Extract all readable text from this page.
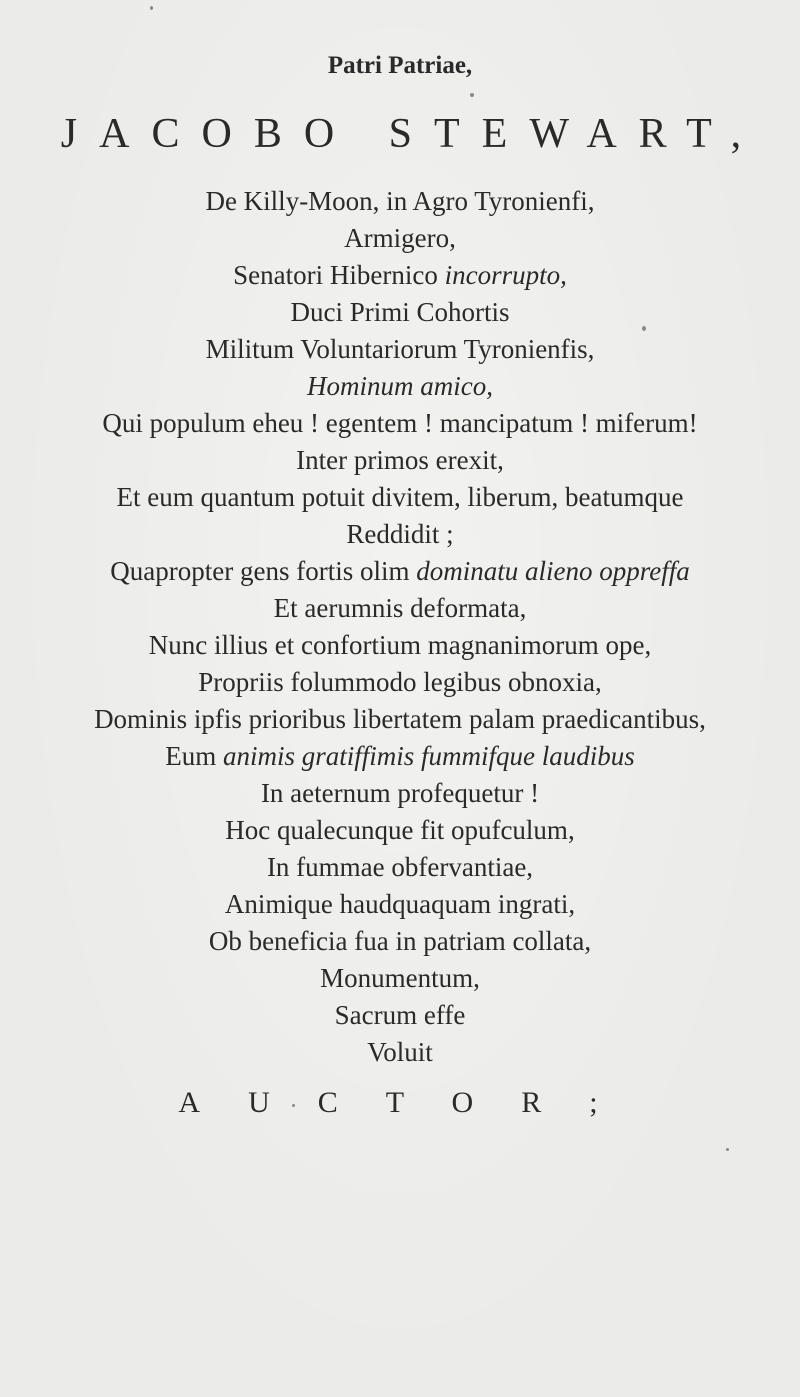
Patri Patriae,
JACOBO STEWART,
De Killy-Moon, in Agro Tyronienfi,
Armigero,
Senatori Hibernico incorrupto,
Duci Primi Cohortis
Militum Voluntariorum Tyronienfis,
Hominum amico,
Qui populum eheu ! egentem ! mancipatum ! miferum!
Inter primos erexit,
Et eum quantum potuit divitem, liberum, beatumque
Reddidit ;
Quapropter gens fortis olim dominatu alieno oppreffa
Et aerumnis deformata,
Nunc illius et confortium magnanimorum ope,
Propriis folummodo legibus obnoxia,
Dominis ipfis prioribus libertatem palam praedicantibus,
Eum animis gratiffimis fummifque laudibus
In aeternum profequetur !
Hoc qualecunque fit opufculum,
In fummae obfervantiae,
Animique haudquaquam ingrati,
Ob beneficia fua in patriam collata,
Monumentum,
Sacrum effe
Voluit
AUCTOR;
